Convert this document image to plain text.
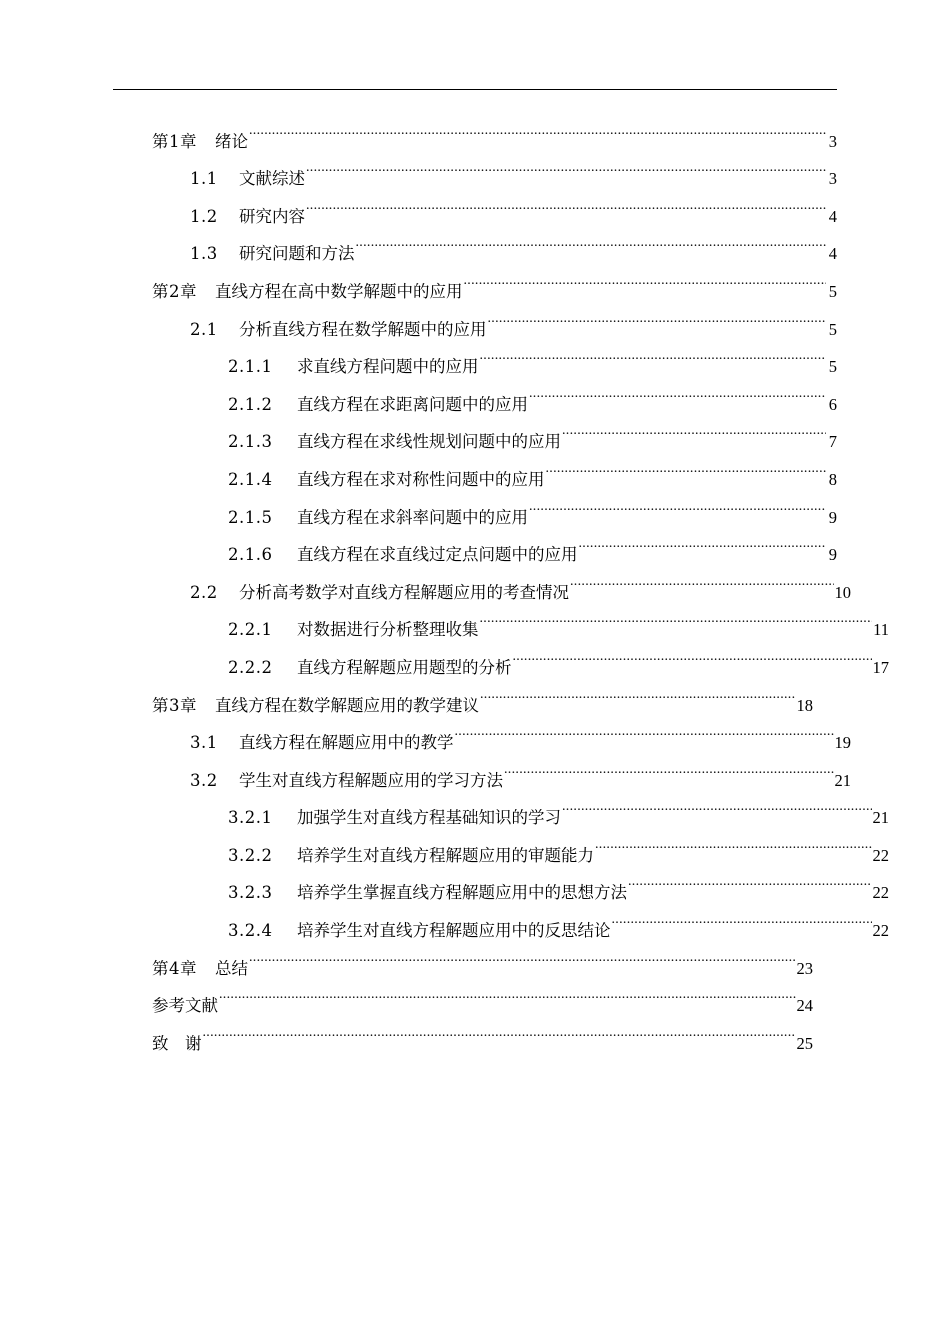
第1章 绪论 .....	3
1.1	文献综述 .....	3
1.2	研究内容 .....	4
1.3	研究问题和方法 .....	4
第2章 直线方程在高中数学解题中的应用 .....	5
2.1	分析直线方程在数学解题中的应用 .....	5
2.1.1	求直线方程问题中的应用 .....	5
2.1.2	直线方程在求距离问题中的应用 .....	6
2.1.3	直线方程在求线性规划问题中的应用 .....	7
2.1.4	直线方程在求对称性问题中的应用 .....	8
2.1.5	直线方程在求斜率问题中的应用 .....	9
2.1.6	直线方程在求直线过定点问题中的应用 .....	9
2.2	分析高考数学对直线方程解题应用的考查情况 .....	10
2.2.1	对数据进行分析整理收集 .....	11
2.2.2	直线方程解题应用题型的分析 .....	17
第3章 直线方程在数学解题应用的教学建议 .....	18
3.1	直线方程在解题应用中的教学 .....	19
3.2	学生对直线方程解题应用的学习方法 .....	21
3.2.1	加强学生对直线方程基础知识的学习 .....	21
3.2.2	培养学生对直线方程解题应用的审题能力 .....	22
3.2.3	培养学生掌握直线方程解题应用中的思想方法 .....	22
3.2.4	培养学生对直线方程解题应用中的反思结论 .....	22
第4章 总结 .....	23
参考文献 .....	24
致　谢 .....	25
